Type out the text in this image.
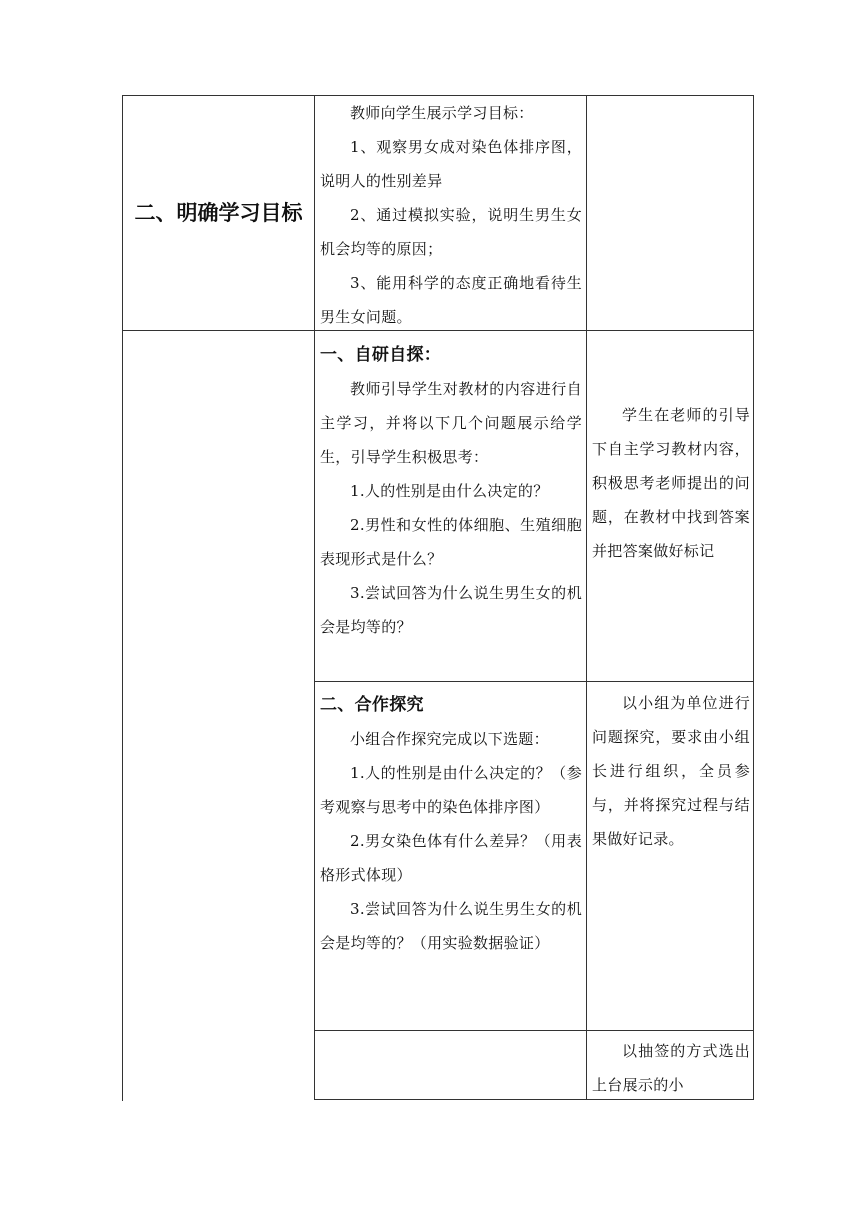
二、明确学习目标

教师向学生展示学习目标：

1、观察男女成对染色体排序图，说明人的性别差异

2、通过模拟实验，说明生男生女机会均等的原因；

3、能用科学的态度正确地看待生男生女问题。

一、自研自探：

教师引导学生对教材的内容进行自主学习，并将以下几个问题展示给学生，引导学生积极思考：

1.人的性别是由什么决定的？

2.男性和女性的体细胞、生殖细胞表现形式是什么？

3.尝试回答为什么说生男生女的机会是均等的？

学生在老师的引导下自主学习教材内容，积极思考老师提出的问题，在教材中找到答案并把答案做好标记

二、合作探究

小组合作探究完成以下选题：

1.人的性别是由什么决定的？（参考观察与思考中的染色体排序图）

2.男女染色体有什么差异？（用表格形式体现）

3.尝试回答为什么说生男生女的机会是均等的？（用实验数据验证）

以小组为单位进行问题探究，要求由小组长进行组织，全员参与，并将探究过程与结果做好记录。

以抽签的方式选出上台展示的小
